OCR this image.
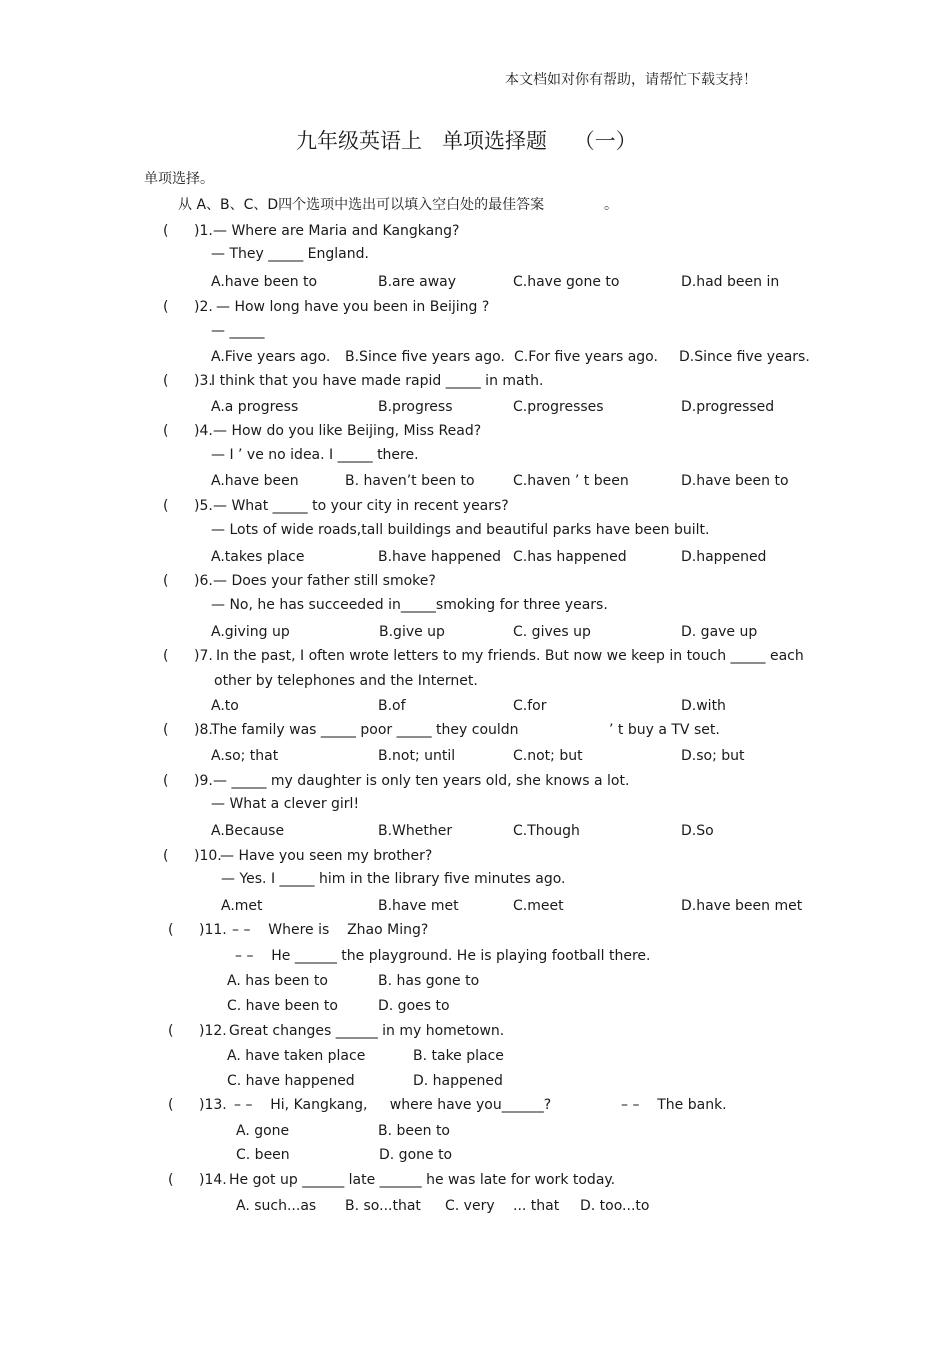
本文档如对你有帮助，请帮忙下载支持！
九年级英语上   单项选择题    （一）
单项选择。
从 A、B、C、D四个选项中选出可以填入空白处的最佳答案	。
( )1. — Where are Maria and Kangkang?
— They _____ England.
A.have been to	B.are away	C.have gone to	D.had been in
( )2. — How long have you been in Beijing ?
— _____
A.Five years ago. B.Since five years ago. C.For five years ago. D.Since five years.
( )3.
I think that you have made rapid _____ in math.
A.a progress	B.progress	C.progresses	D.progressed
( )4. — How do you like Beijing, Miss Read?
— I ’ ve no idea. I _____ there.
A.have been	B. haven’t been to	C.haven ’ t been	D.have been to
( )5. — What _____ to your city in recent years?
— Lots of wide roads,tall buildings and beautiful parks have been built.
A.takes place	B.have happened C.has happened	D.happened
( )6. — Does your father still smoke?
— No, he has succeeded in_____smoking for three years.
A.giving up	B.give up	C. gives up	D. gave up
( )7. In the past, I often wrote letters to my friends. But now we keep in touch _____ each
other by telephones and the Internet.
A.to	B.of	C.for	D.with
( )8.
The family was _____ poor _____ they couldn	’ t buy a TV set.
A.so; that	B.not; until	C.not; but	D.so; but
( )9. — _____ my daughter is only ten years old, she knows a lot.
— What a clever girl!
A.Because	B.Whether	C.Though	D.So
( )10.
— Have you seen my brother?
— Yes. I _____ him in the library five minutes ago.
A.met	B.have met	C.meet	D.have been met
( )11. – –    Where is    Zhao Ming?
– –    He ______ the playground. He is playing football there.
A. has been to	B. has gone to
C. have been to	D. goes to
( )12. Great changes ______ in my hometown.
A. have taken place	B. take place
C. have happened	D. happened
( )13. – –    Hi, Kangkang,     where have you______?	– –    The bank.
A. gone	B. been to
C. been	D. gone to
( )14. He got up ______ late ______ he was late for work today.
A. such...as B. so...that C. very ... that D. too...to
